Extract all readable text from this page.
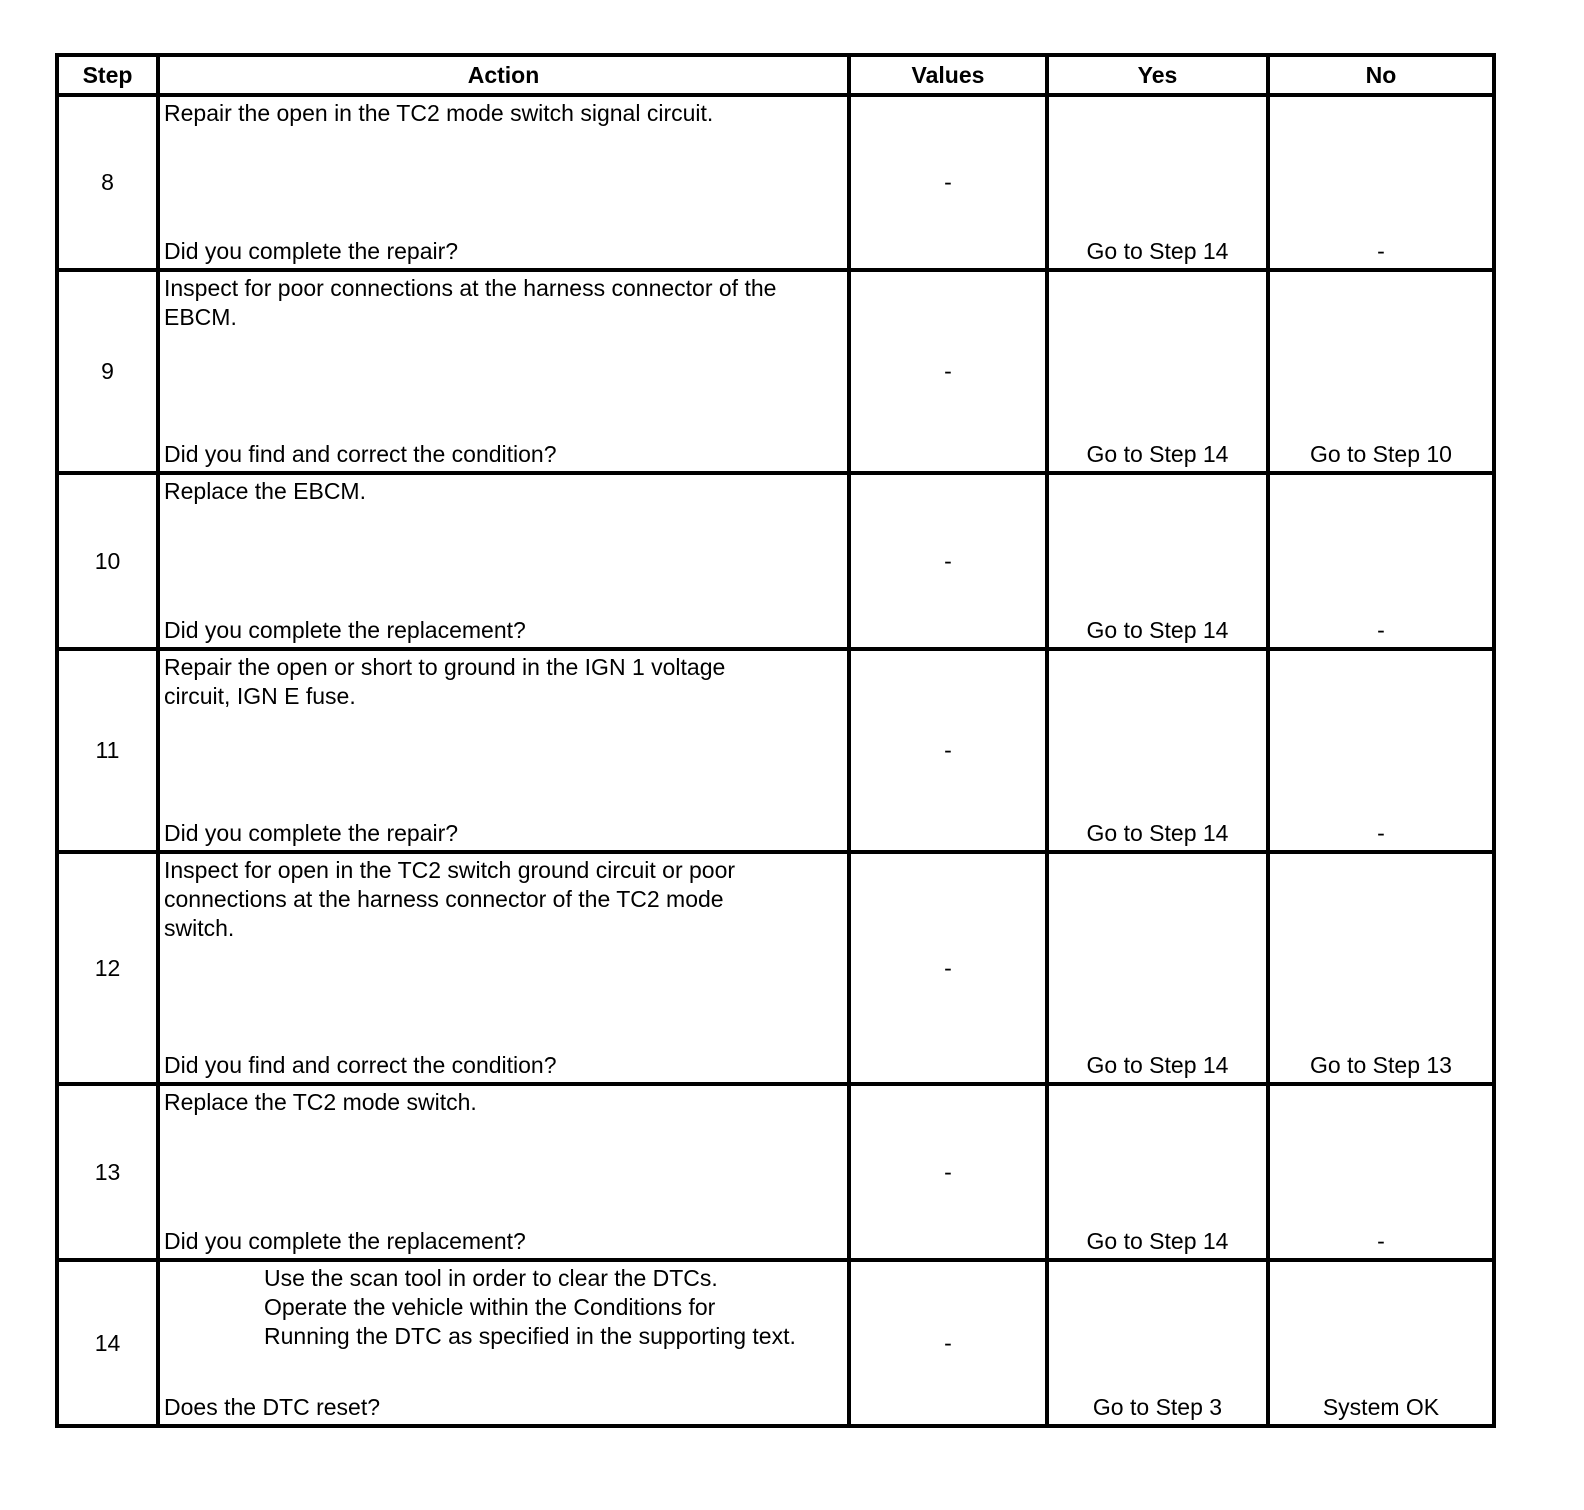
Step	Action	Values	Yes	No
8	Repair the open in the TC2 mode switch signal circuit.
Did you complete the repair?	-	Go to Step 14	-

9	Inspect for poor connections at the harness connector of the
EBCM.
Did you find and correct the condition?	-	Go to Step 14	Go to Step 10

10	Replace the EBCM.
Did you complete the replacement?	-	Go to Step 14	-

11	Repair the open or short to ground in the IGN 1 voltage
circuit, IGN E fuse.
Did you complete the repair?	-	Go to Step 14	-

12	Inspect for open in the TC2 switch ground circuit or poor
connections at the harness connector of the TC2 mode
switch.
Did you find and correct the condition?	-	Go to Step 14	Go to Step 13

13	Replace the TC2 mode switch.
Did you complete the replacement?	-	Go to Step 14	-

14	Use the scan tool in order to clear the DTCs.
Operate the vehicle within the Conditions for
Running the DTC as specified in the supporting text.
Does the DTC reset?	-	Go to Step 3	System OK
